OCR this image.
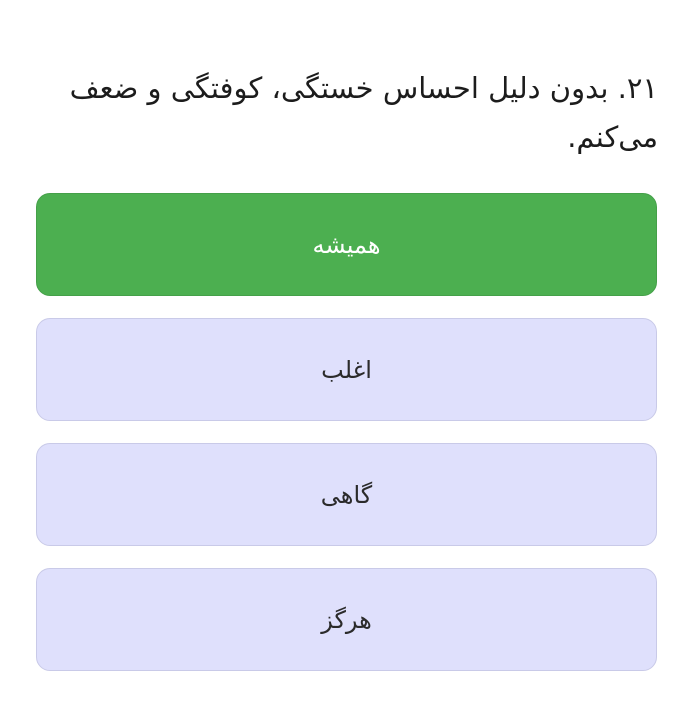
۲۱. بدون دلیل احساس خستگی، کوفتگی و ضعف می‌کنم.
همیشه
اغلب
گاهی
هرگز
